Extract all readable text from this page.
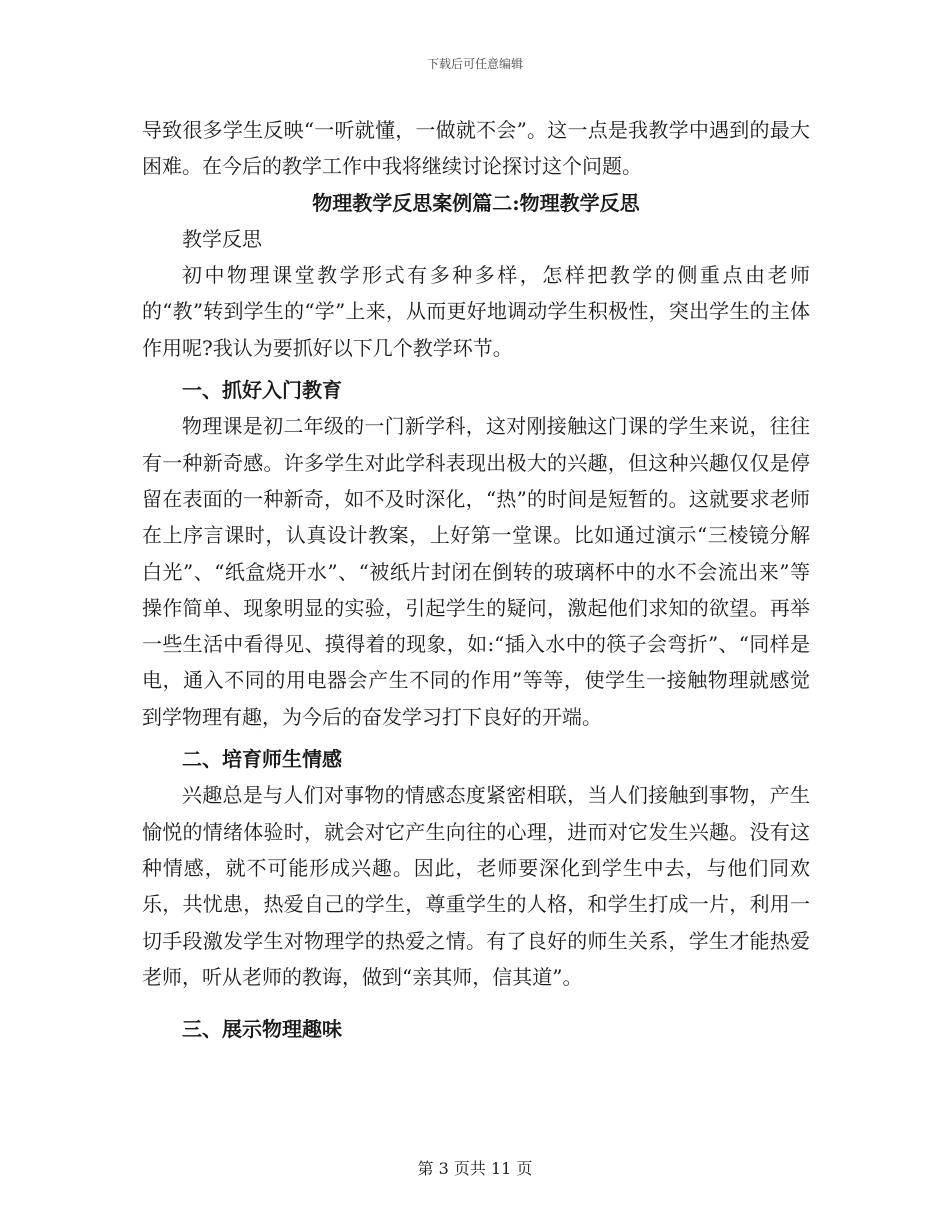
下载后可任意编辑

导致很多学生反映“一听就懂，一做就不会”。这一点是我教学中遇到的最大困难。在今后的教学工作中我将继续讨论探讨这个问题。

物理教学反思案例篇二:物理教学反思

教学反思

初中物理课堂教学形式有多种多样，怎样把教学的侧重点由老师的“教”转到学生的“学”上来，从而更好地调动学生积极性，突出学生的主体作用呢?我认为要抓好以下几个教学环节。

一、抓好入门教育

物理课是初二年级的一门新学科，这对刚接触这门课的学生来说，往往有一种新奇感。许多学生对此学科表现出极大的兴趣，但这种兴趣仅仅是停留在表面的一种新奇，如不及时深化，“热”的时间是短暂的。这就要求老师在上序言课时，认真设计教案，上好第一堂课。比如通过演示“三棱镜分解白光”、“纸盒烧开水”、“被纸片封闭在倒转的玻璃杯中的水不会流出来”等操作简单、现象明显的实验，引起学生的疑问，激起他们求知的欲望。再举一些生活中看得见、摸得着的现象，如:“插入水中的筷子会弯折”、“同样是电，通入不同的用电器会产生不同的作用”等等，使学生一接触物理就感觉到学物理有趣，为今后的奋发学习打下良好的开端。

二、培育师生情感

兴趣总是与人们对事物的情感态度紧密相联，当人们接触到事物，产生愉悦的情绪体验时，就会对它产生向往的心理，进而对它发生兴趣。没有这种情感，就不可能形成兴趣。因此，老师要深化到学生中去，与他们同欢乐，共忧患，热爱自己的学生，尊重学生的人格，和学生打成一片，利用一切手段激发学生对物理学的热爱之情。有了良好的师生关系，学生才能热爱老师，听从老师的教诲，做到“亲其师，信其道”。

三、展示物理趣味
第 3 页共 11 页
